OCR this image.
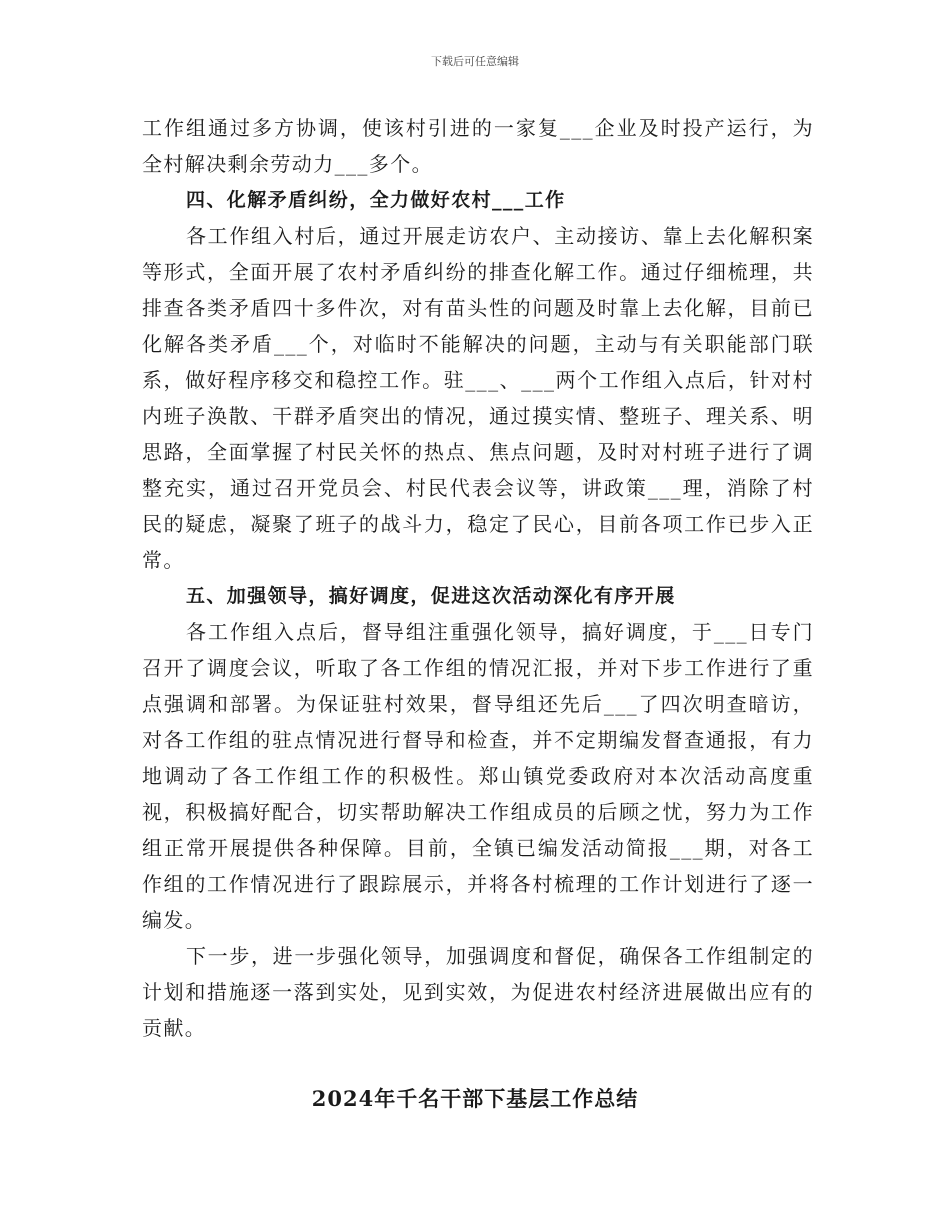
下载后可任意编辑

工作组通过多方协调，使该村引进的一家复___企业及时投产运行，为全村解决剩余劳动力___多个。

四、化解矛盾纠纷，全力做好农村___工作

各工作组入村后，通过开展走访农户、主动接访、靠上去化解积案等形式，全面开展了农村矛盾纠纷的排查化解工作。通过仔细梳理，共排查各类矛盾四十多件次，对有苗头性的问题及时靠上去化解，目前已化解各类矛盾___个，对临时不能解决的问题，主动与有关职能部门联系，做好程序移交和稳控工作。驻___、___两个工作组入点后，针对村内班子涣散、干群矛盾突出的情况，通过摸实情、整班子、理关系、明思路，全面掌握了村民关怀的热点、焦点问题，及时对村班子进行了调整充实，通过召开党员会、村民代表会议等，讲政策___理，消除了村民的疑虑，凝聚了班子的战斗力，稳定了民心，目前各项工作已步入正常。

五、加强领导，搞好调度，促进这次活动深化有序开展

各工作组入点后，督导组注重强化领导，搞好调度，于___日专门召开了调度会议，听取了各工作组的情况汇报，并对下步工作进行了重点强调和部署。为保证驻村效果，督导组还先后___了四次明查暗访，对各工作组的驻点情况进行督导和检查，并不定期编发督查通报，有力地调动了各工作组工作的积极性。郑山镇党委政府对本次活动高度重视，积极搞好配合，切实帮助解决工作组成员的后顾之忧，努力为工作组正常开展提供各种保障。目前，全镇已编发活动简报___期，对各工作组的工作情况进行了跟踪展示，并将各村梳理的工作计划进行了逐一编发。

下一步，进一步强化领导，加强调度和督促，确保各工作组制定的计划和措施逐一落到实处，见到实效，为促进农村经济进展做出应有的贡献。

2024年千名干部下基层工作总结
